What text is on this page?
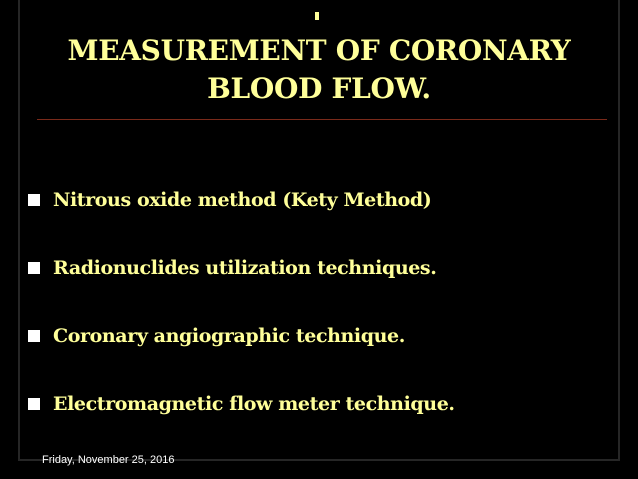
MEASUREMENT OF CORONARY
BLOOD FLOW.
Nitrous oxide method (Kety Method)
Radionuclides utilization techniques.
Coronary angiographic technique.
Electromagnetic flow meter technique.
Friday, November 25, 2016
